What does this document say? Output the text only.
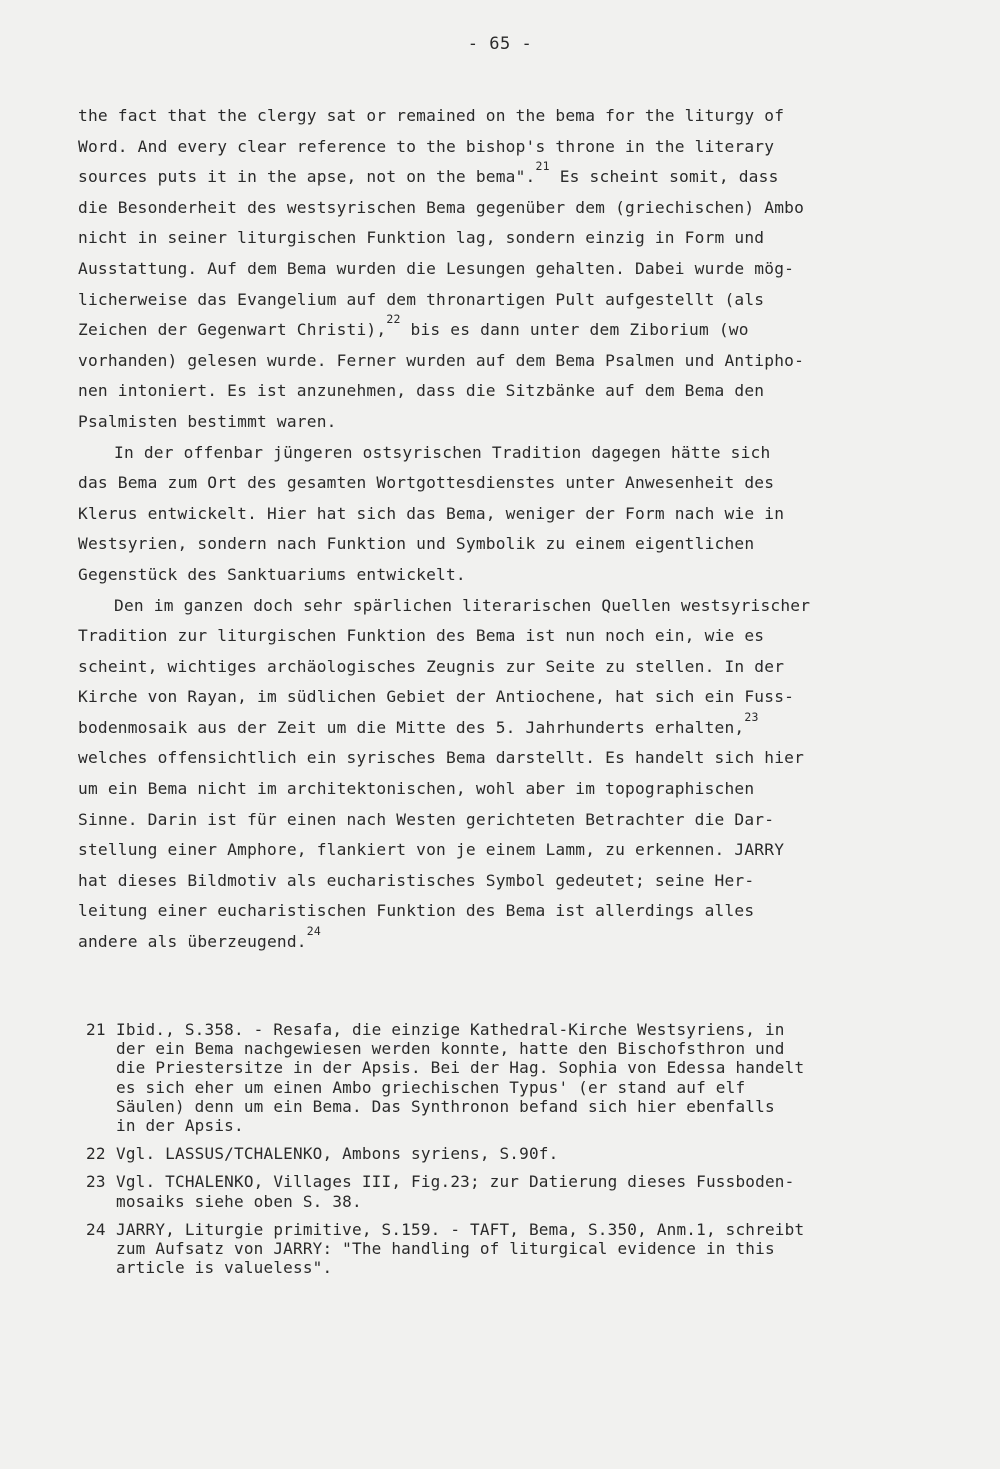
- 65 -
the fact that the clergy sat or remained on the bema for the liturgy of
Word. And every clear reference to the bishop's throne in the literary
sources puts it in the apse, not on the bema".$^{21}$ Es scheint somit, dass
die Besonderheit des westsyrischen Bema gegenüber dem (griechischen) Ambo
nicht in seiner liturgischen Funktion lag, sondern einzig in Form und
Ausstattung. Auf dem Bema wurden die Lesungen gehalten. Dabei wurde mög-
licherweise das Evangelium auf dem thronartigen Pult aufgestellt (als
Zeichen der Gegenwart Christi),$^{22}$ bis es dann unter dem Ziborium (wo
vorhanden) gelesen wurde. Ferner wurden auf dem Bema Psalmen und Antipho-
nen intoniert. Es ist anzunehmen, dass die Sitzbänke auf dem Bema den
Psalmisten bestimmt waren.
In der offenbar jüngeren ostsyrischen Tradition dagegen hätte sich
das Bema zum Ort des gesamten Wortgottesdienstes unter Anwesenheit des
Klerus entwickelt. Hier hat sich das Bema, weniger der Form nach wie in
Westsyrien, sondern nach Funktion und Symbolik zu einem eigentlichen
Gegenstück des Sanktuariums entwickelt.
Den im ganzen doch sehr spärlichen literarischen Quellen westsyrischer
Tradition zur liturgischen Funktion des Bema ist nun noch ein, wie es
scheint, wichtiges archäologisches Zeugnis zur Seite zu stellen. In der
Kirche von Rayan, im südlichen Gebiet der Antiochene, hat sich ein Fuss-
bodenmosaik aus der Zeit um die Mitte des 5. Jahrhunderts erhalten,$^{23}$
welches offensichtlich ein syrisches Bema darstellt. Es handelt sich hier
um ein Bema nicht im architektonischen, wohl aber im topographischen
Sinne. Darin ist für einen nach Westen gerichteten Betrachter die Dar-
stellung einer Amphore, flankiert von je einem Lamm, zu erkennen. JARRY
hat dieses Bildmotiv als eucharistisches Symbol gedeutet; seine Her-
leitung einer eucharistischen Funktion des Bema ist allerdings alles
andere als überzeugend.$^{24}$
21 Ibid., S.358. - Resafa, die einzige Kathedral-Kirche Westsyriens, in
der ein Bema nachgewiesen werden konnte, hatte den Bischofsthron und
die Priestersitze in der Apsis. Bei der Hag. Sophia von Edessa handelt
es sich eher um einen Ambo griechischen Typus' (er stand auf elf
Säulen) denn um ein Bema. Das Synthronon befand sich hier ebenfalls
in der Apsis.
22 Vgl. LASSUS/TCHALENKO, Ambons syriens, S.90f.
23 Vgl. TCHALENKO, Villages III, Fig.23; zur Datierung dieses Fussboden-
mosaiks siehe oben S. 38.
24 JARRY, Liturgie primitive, S.159. - TAFT, Bema, S.350, Anm.1, schreibt
zum Aufsatz von JARRY: "The handling of liturgical evidence in this
article is valueless".
